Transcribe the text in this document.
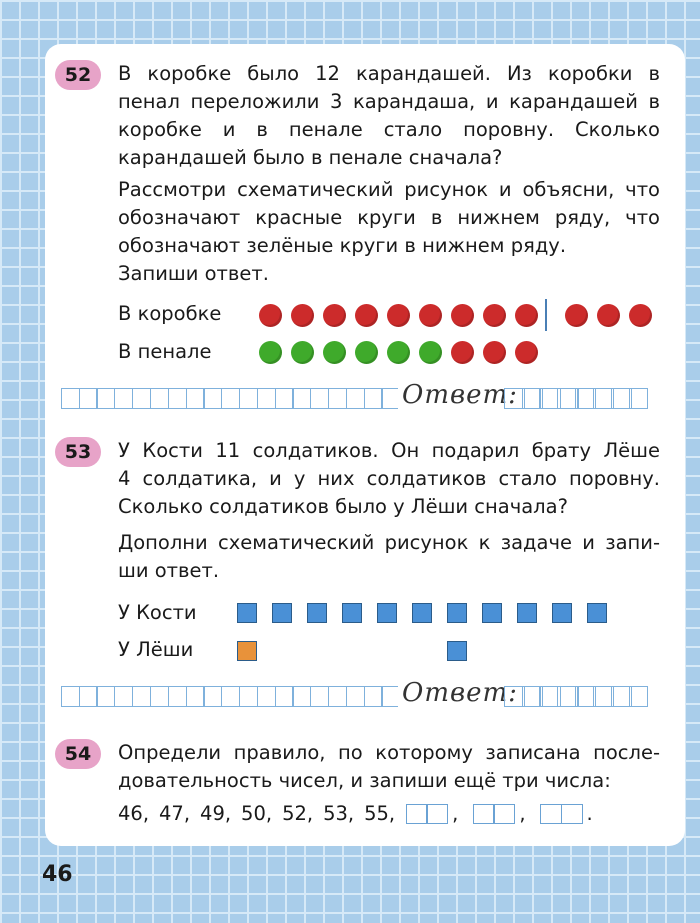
52	В коробке было 12 карандашей. Из коробки в
пенал переложили 3 карандаша, и карандашей в
коробке и в пенале стало поровну. Сколько
карандашей было в пенале сначала?
Рассмотри схематический рисунок и объясни, что
обозначают красные круги в нижнем ряду, что
обозначают зелёные круги в нижнем ряду.
Запиши ответ.
В коробке
В пенале
Ответ:
53	У Кости 11 солдатиков. Он подарил брату Лёше
4 солдатика, и у них солдатиков стало поровну.
Сколько солдатиков было у Лёши сначала?
Дополни схематический рисунок к задаче и запи-
ши ответ.
У Кости
У Лёши
Ответ:
54	Определи правило, по которому записана после-
довательность чисел, и запиши ещё три числа:
46, 47, 49, 50, 52, 53, 55,	,	,	.
46
